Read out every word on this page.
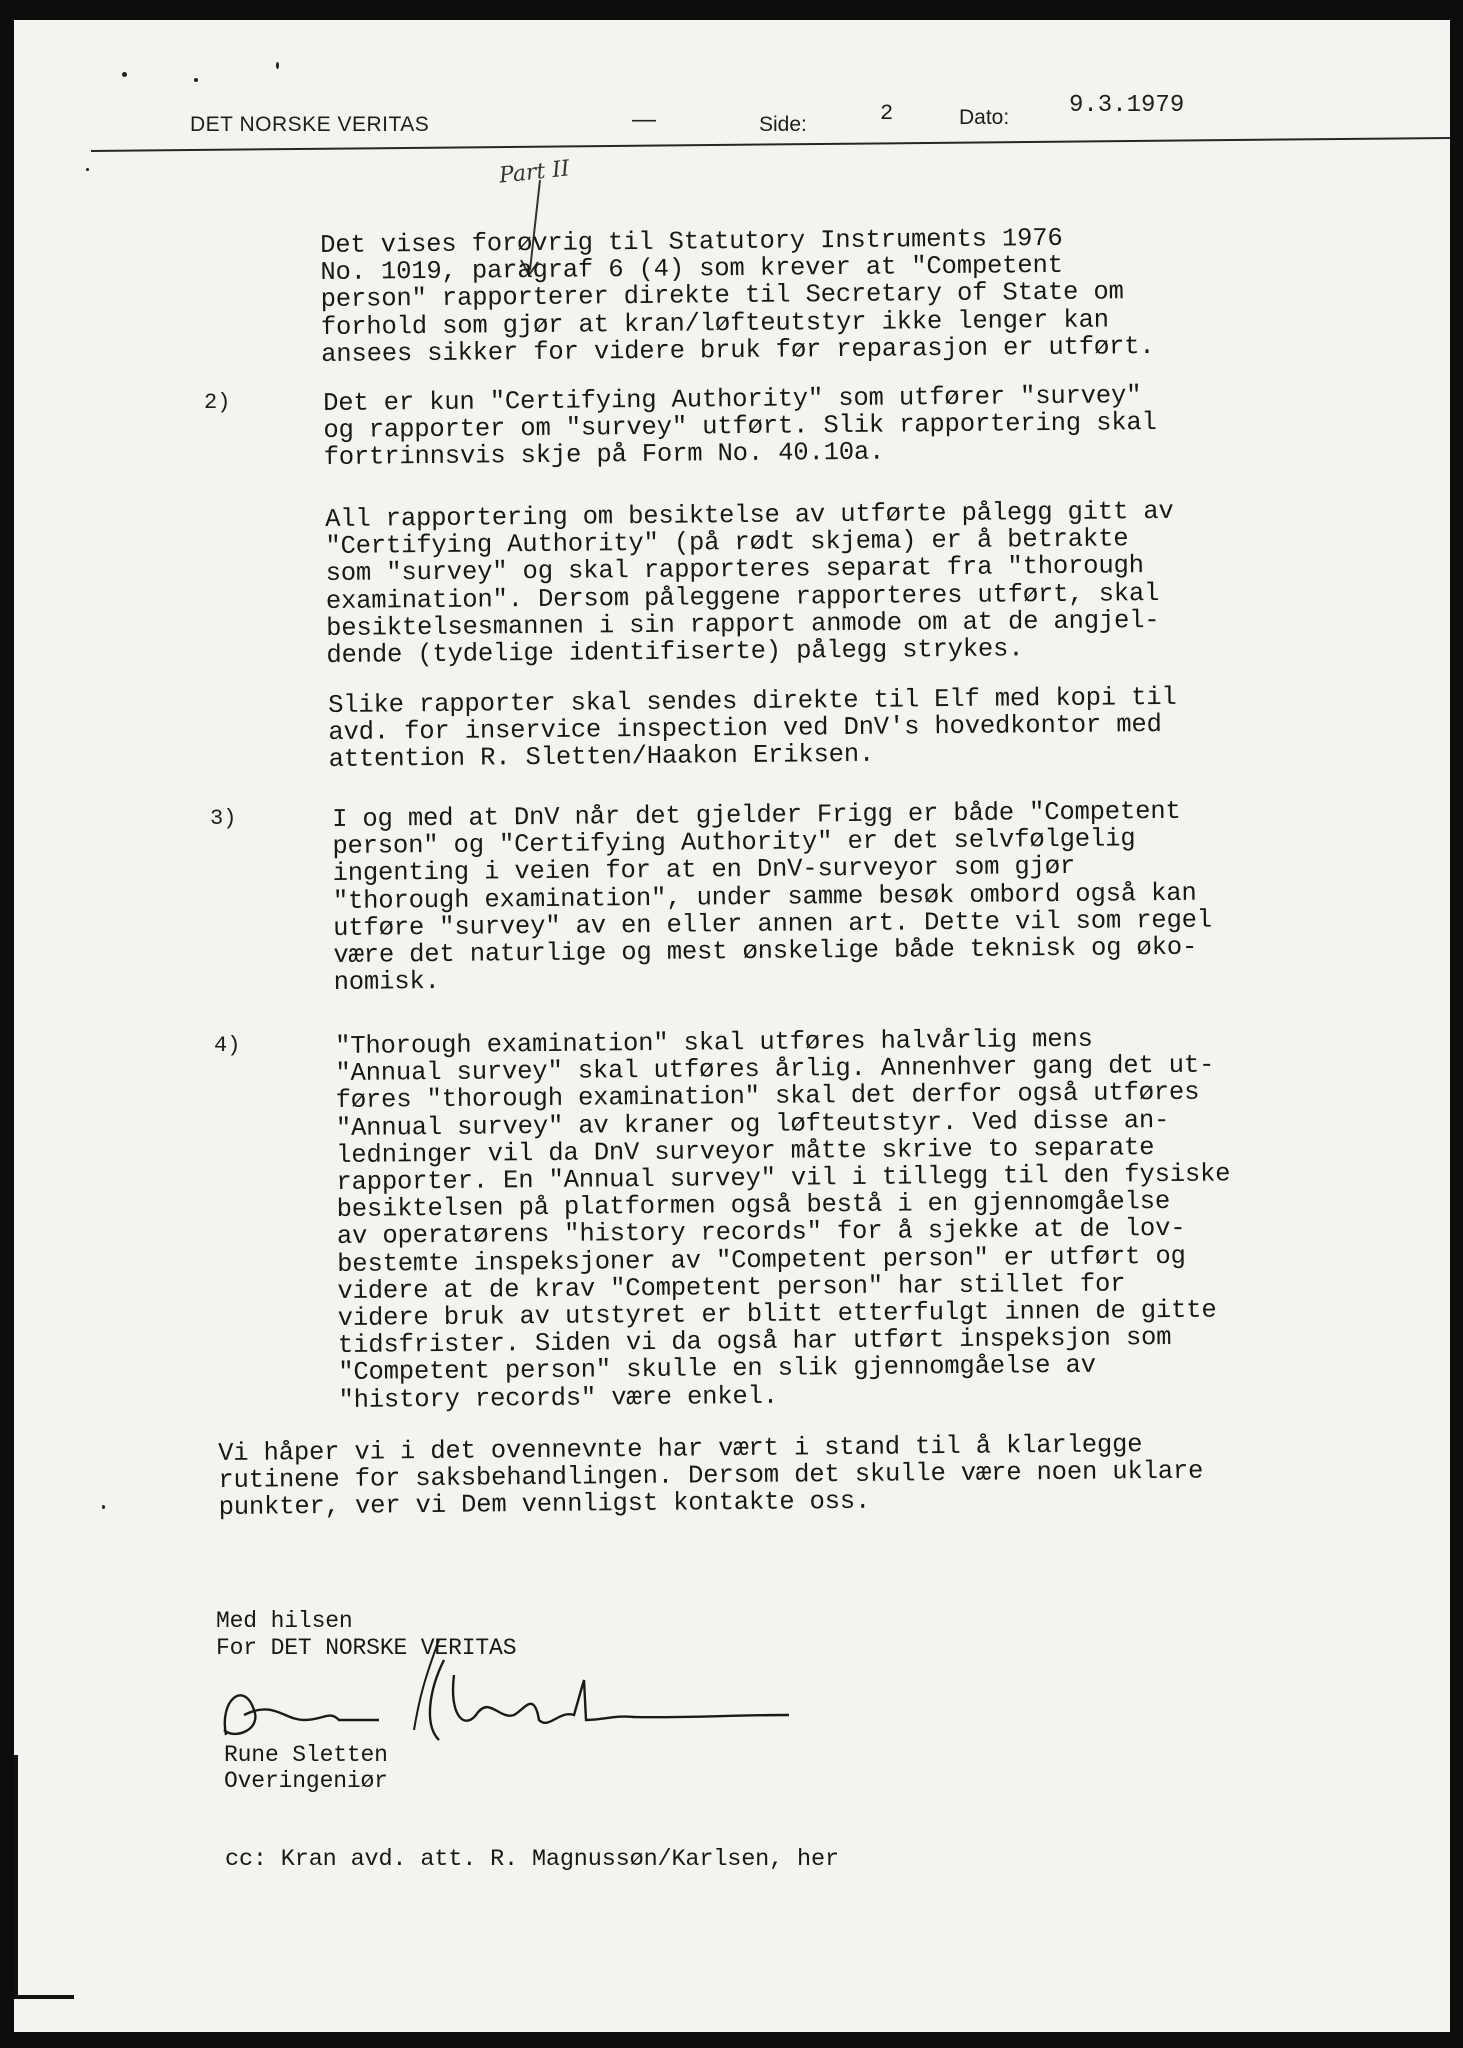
DET NORSKE VERITAS	—	Side:	2	Dato: 9.3.1979
Part II
Det vises forøvrig til Statutory Instruments 1976
No. 1019, paragraf 6 (4) som krever at "Competent
person" rapporterer direkte til Secretary of State om
forhold som gjør at kran/løfteutstyr ikke lenger kan
ansees sikker for videre bruk før reparasjon er utført.
2)	Det er kun "Certifying Authority" som utfører "survey"
og rapporter om "survey" utført. Slik rapportering skal
fortrinnsvis skje på Form No. 40.10a.
All rapportering om besiktelse av utførte pålegg gitt av
"Certifying Authority" (på rødt skjema) er å betrakte
som "survey" og skal rapporteres separat fra "thorough
examination". Dersom påleggene rapporteres utført, skal
besiktelsesmannen i sin rapport anmode om at de angjel-
dende (tydelige identifiserte) pålegg strykes.
Slike rapporter skal sendes direkte til Elf med kopi til
avd. for inservice inspection ved DnV's hovedkontor med
attention R. Sletten/Haakon Eriksen.
3)	I og med at DnV når det gjelder Frigg er både "Competent
person" og "Certifying Authority" er det selvfølgelig
ingenting i veien for at en DnV-surveyor som gjør
"thorough examination", under samme besøk ombord også kan
utføre "survey" av en eller annen art. Dette vil som regel
være det naturlige og mest ønskelige både teknisk og øko-
nomisk.
4)	"Thorough examination" skal utføres halvårlig mens
"Annual survey" skal utføres årlig. Annenhver gang det ut-
føres "thorough examination" skal det derfor også utføres
"Annual survey" av kraner og løfteutstyr. Ved disse an-
ledninger vil da DnV surveyor måtte skrive to separate
rapporter. En "Annual survey" vil i tillegg til den fysiske
besiktelsen på platformen også bestå i en gjennomgåelse
av operatørens "history records" for å sjekke at de lov-
bestemte inspeksjoner av "Competent person" er utført og
videre at de krav "Competent person" har stillet for
videre bruk av utstyret er blitt etterfulgt innen de gitte
tidsfrister. Siden vi da også har utført inspeksjon som
"Competent person" skulle en slik gjennomgåelse av
"history records" være enkel.
Vi håper vi i det ovennevnte har vært i stand til å klarlegge
rutinene for saksbehandlingen. Dersom det skulle være noen uklare
punkter, ver vi Dem vennligst kontakte oss.
Med hilsen
For DET NORSKE VERITAS
Rune Sletten
Overingeniør
cc: Kran avd. att. R. Magnussøn/Karlsen, her
